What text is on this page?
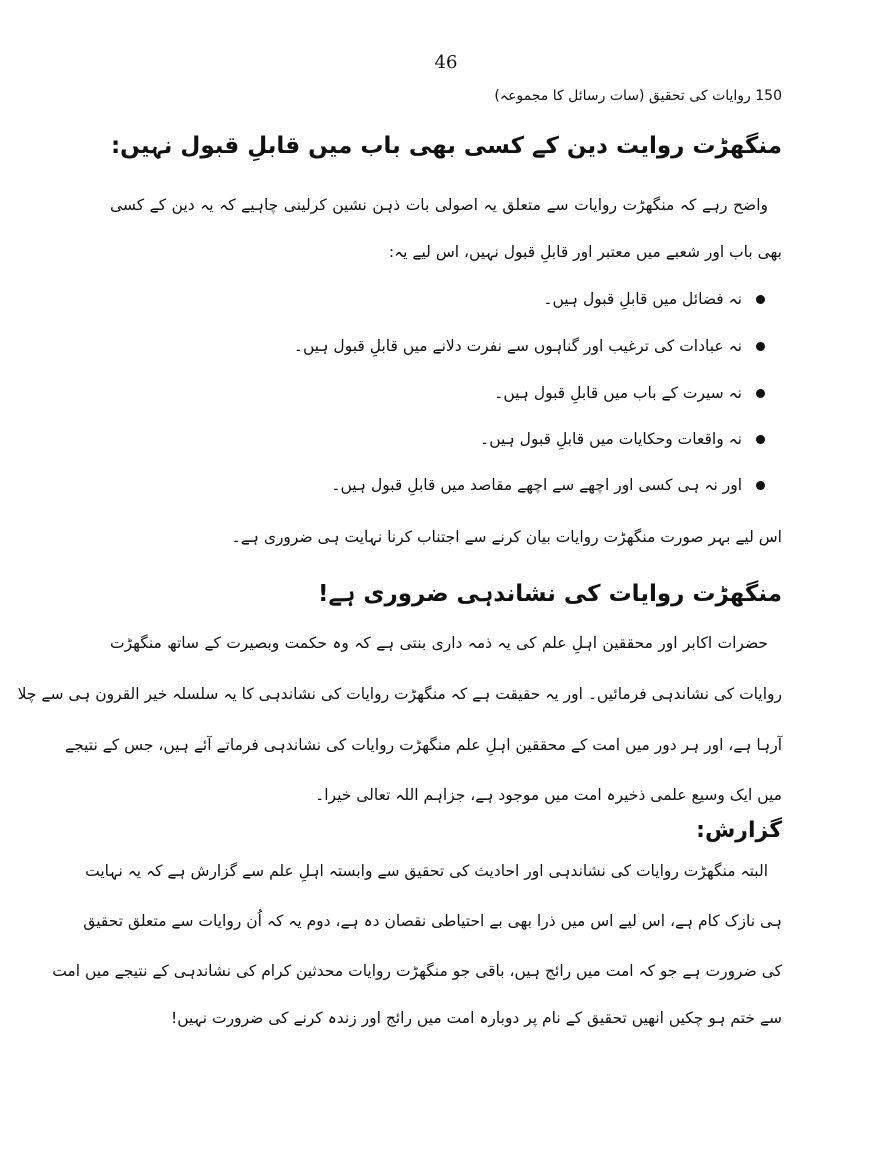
46
150 روایات کی تحقیق (سات رسائل کا مجموعہ)
منگھڑت روایت دین کے کسی بھی باب میں قابلِ قبول نہیں:
واضح رہے کہ منگھڑت روایات سے متعلق یہ اصولی بات ذہن نشین کرلینی چاہیے کہ یہ دین کے کسی
بھی باب اور شعبے میں معتبر اور قابلِ قبول نہیں، اس لیے یہ:
نہ فضائل میں قابلِ قبول ہیں۔
نہ عبادات کی ترغیب اور گناہوں سے نفرت دلانے میں قابلِ قبول ہیں۔
نہ سیرت کے باب میں قابلِ قبول ہیں۔
نہ واقعات وحکایات میں قابلِ قبول ہیں۔
اور نہ ہی کسی اور اچھے سے اچھے مقاصد میں قابلِ قبول ہیں۔
اس لیے بہر صورت منگھڑت روایات بیان کرنے سے اجتناب کرنا نہایت ہی ضروری ہے۔
منگھڑت روایات کی نشاندہی ضروری ہے!
حضرات اکابر اور محققین اہلِ علم کی یہ ذمہ داری بنتی ہے کہ وہ حکمت وبصیرت کے ساتھ منگھڑت
روایات کی نشاندہی فرمائیں۔ اور یہ حقیقت ہے کہ منگھڑت روایات کی نشاندہی کا یہ سلسلہ خیر القرون ہی سے چلا
آرہا ہے، اور ہر دور میں امت کے محققین اہلِ علم منگھڑت روایات کی نشاندہی فرماتے آئے ہیں، جس کے نتیجے
میں ایک وسیع علمی ذخیرہ امت میں موجود ہے، جزاہم اللہ تعالی خیرا۔
گزارش:
البتہ منگھڑت روایات کی نشاندہی اور احادیث کی تحقیق سے وابستہ اہلِ علم سے گزارش ہے کہ یہ نہایت
ہی نازک کام ہے، اس لیے اس میں ذرا بھی بے احتیاطی نقصان دہ ہے، دوم یہ کہ اُن روایات سے متعلق تحقیق
کی ضرورت ہے جو کہ امت میں رائج ہیں، باقی جو منگھڑت روایات محدثین کرام کی نشاندہی کے نتیجے میں امت
سے ختم ہو چکیں انھیں تحقیق کے نام پر دوبارہ امت میں رائج اور زندہ کرنے کی ضرورت نہیں!
